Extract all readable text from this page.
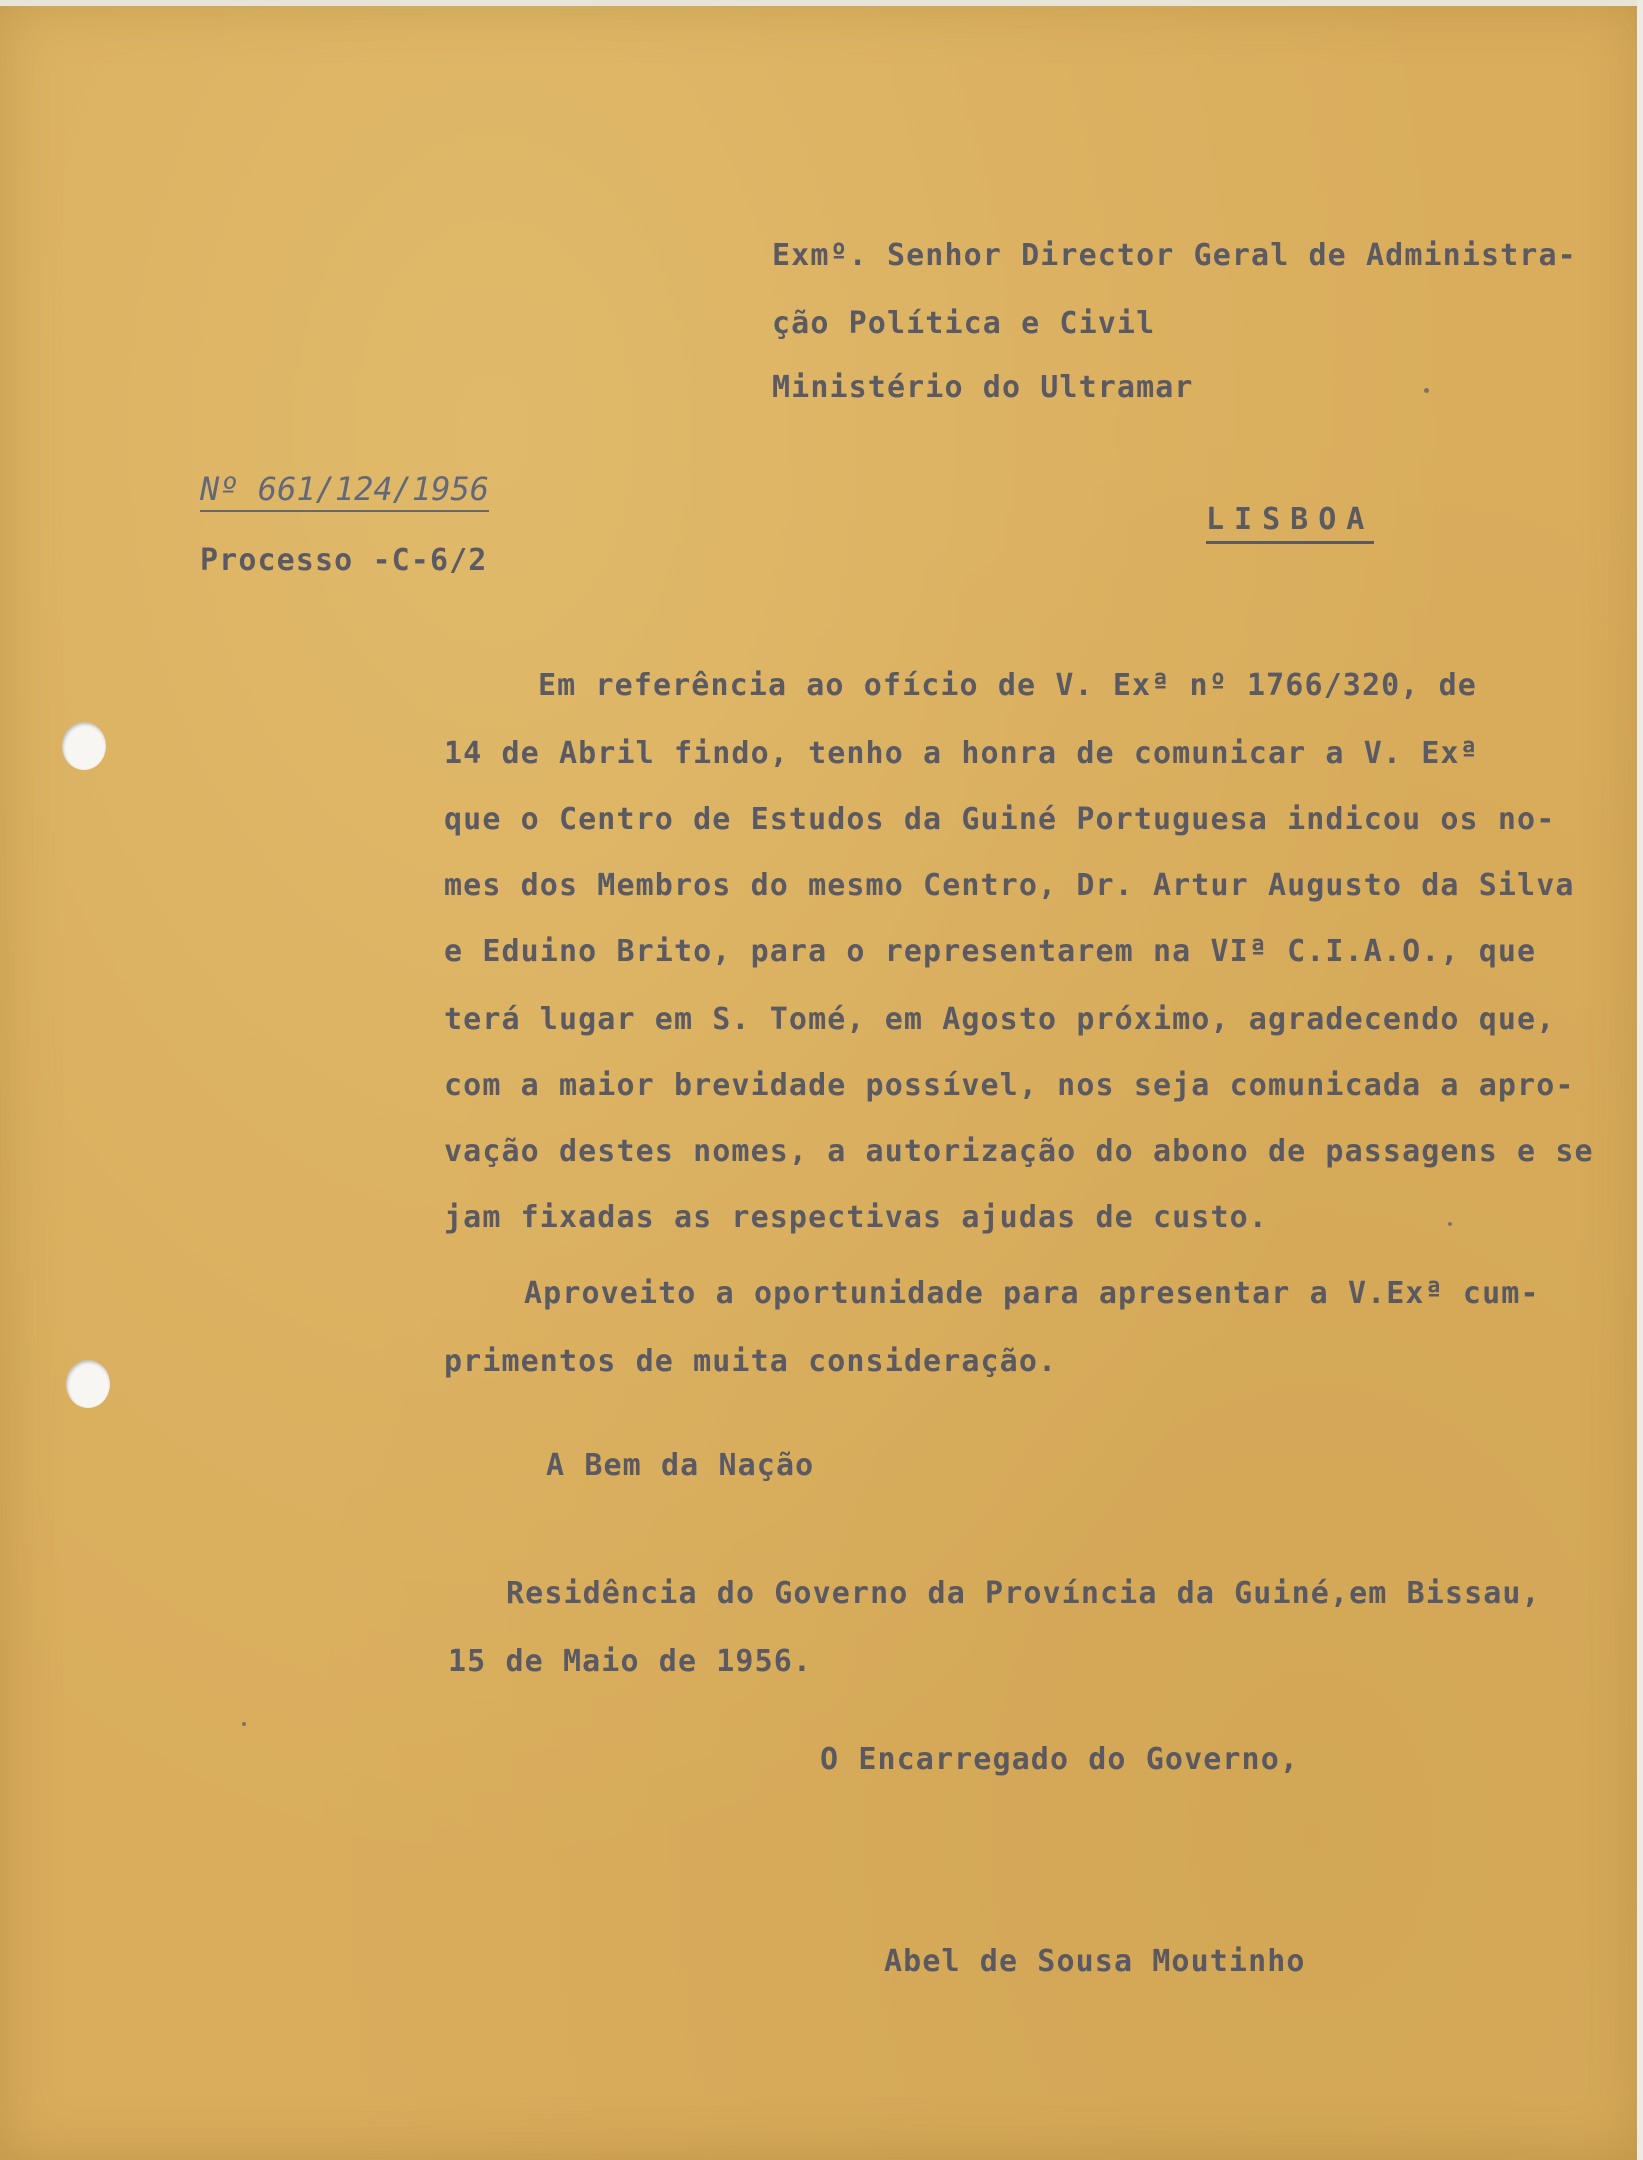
Exmº. Senhor Director Geral de Administra-
ção Política e Civil
Ministério do Ultramar
Nº 661/124/1956
Processo -C-6/2
LISBOA
Em referência ao ofício de V. Exª nº 1766/320, de
14 de Abril findo, tenho a honra de comunicar a V. Exª
que o Centro de Estudos da Guiné Portuguesa indicou os no-
mes dos Membros do mesmo Centro, Dr. Artur Augusto da Silva
e Eduino Brito, para o representarem na VIª C.I.A.O., que
terá lugar em S. Tomé, em Agosto próximo, agradecendo que,
com a maior brevidade possível, nos seja comunicada a apro-
vação destes nomes, a autorização do abono de passagens e se
jam fixadas as respectivas ajudas de custo.
Aproveito a oportunidade para apresentar a V.Exª cum-
primentos de muita consideração.
A Bem da Nação
Residência do Governo da Província da Guiné,em Bissau,
15 de Maio de 1956.
O Encarregado do Governo,
Abel de Sousa Moutinho
